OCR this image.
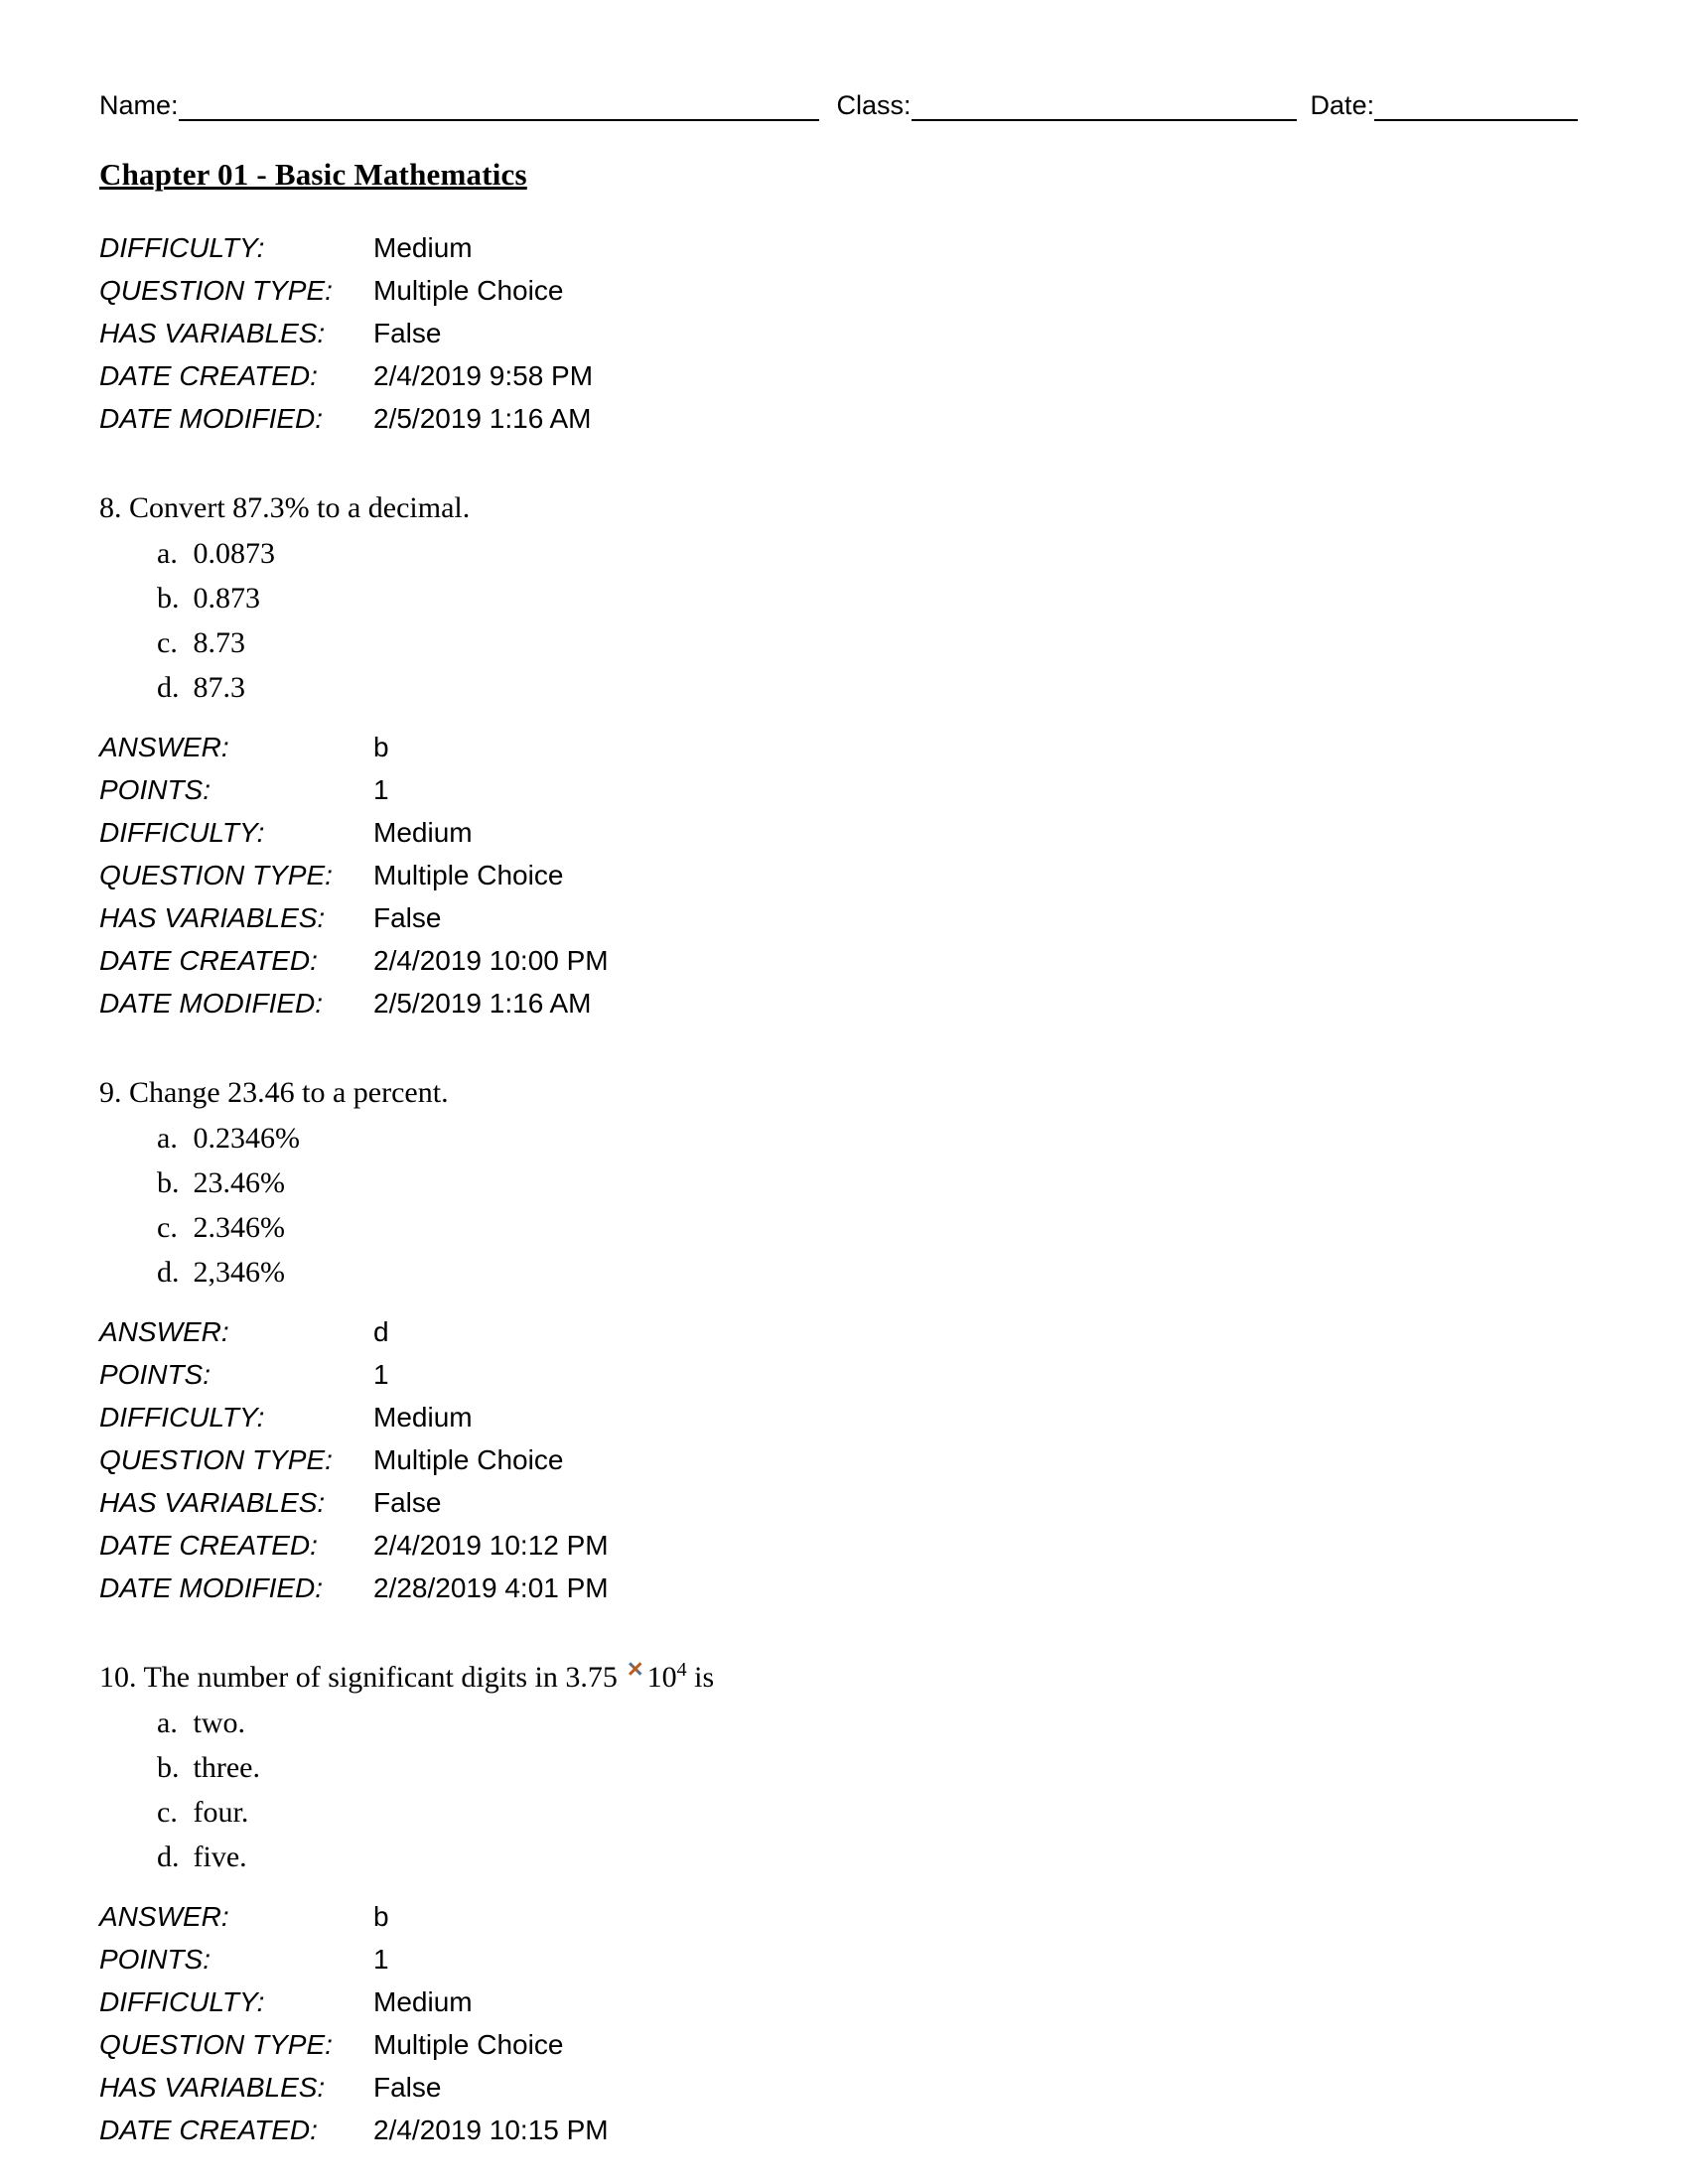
Name:	Class:	Date:
Chapter 01 - Basic Mathematics
DIFFICULTY:	Medium
QUESTION TYPE:	Multiple Choice
HAS VARIABLES:	False
DATE CREATED:	2/4/2019 9:58 PM
DATE MODIFIED:	2/5/2019 1:16 AM
8. Convert 87.3% to a decimal.
a. 0.0873
b. 0.873
c. 8.73
d. 87.3
ANSWER:	b
POINTS:	1
DIFFICULTY:	Medium
QUESTION TYPE:	Multiple Choice
HAS VARIABLES:	False
DATE CREATED:	2/4/2019 10:00 PM
DATE MODIFIED:	2/5/2019 1:16 AM
9. Change 23.46 to a percent.
a. 0.2346%
b. 23.46%
c. 2.346%
d. 2,346%
ANSWER:	d
POINTS:	1
DIFFICULTY:	Medium
QUESTION TYPE:	Multiple Choice
HAS VARIABLES:	False
DATE CREATED:	2/4/2019 10:12 PM
DATE MODIFIED:	2/28/2019 4:01 PM
10. The number of significant digits in $3.75 \times 10^4$ is
a. two.
b. three.
c. four.
d. five.
ANSWER:	b
POINTS:	1
DIFFICULTY:	Medium
QUESTION TYPE:	Multiple Choice
HAS VARIABLES:	False
DATE CREATED:	2/4/2019 10:15 PM
